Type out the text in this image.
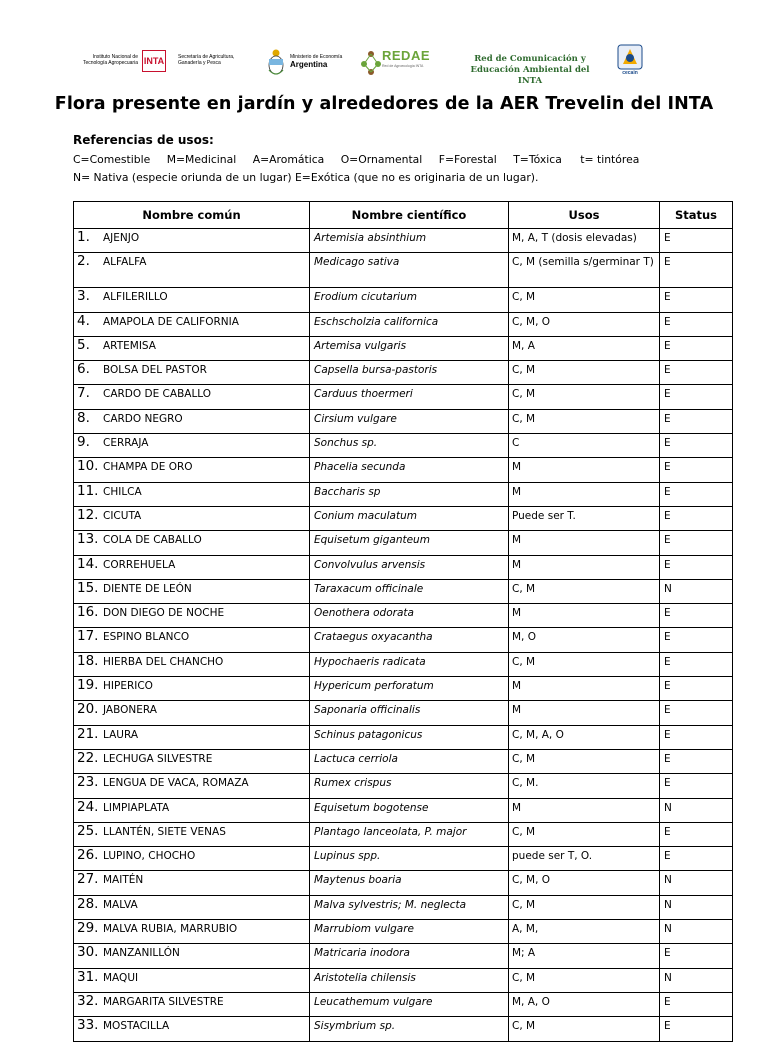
Instituto Nacional de
Tecnología Agropecuaria INTA	Secretaría de Agricultura,
Ganadería y Pesca
Ministerio de Economía
Argentina
REDAE
Red de Agroecología INTA
Red de Comunicación y
Educación Ambiental del INTA
cecain
Flora presente en jardín y alrededores de la AER Trevelin del INTA
Referencias de usos:
C=Comestible M=Medicinal A=Aromática O=Ornamental F=Forestal T=Tóxica t= tintórea
N= Nativa (especie oriunda de un lugar) E=Exótica (que no es originaria de un lugar).
Nombre común	Nombre científico	Usos	Status
1. AJENJO	Artemisia absinthium	M, A, T (dosis elevadas)	E
2. ALFALFA	Medicago sativa	C, M (semilla s/germinar T)	E
3. ALFILERILLO	Erodium cicutarium	C, M	E
4. AMAPOLA DE CALIFORNIA	Eschscholzia californica	C, M, O	E
5. ARTEMISA	Artemisa vulgaris	M, A	E
6. BOLSA DEL PASTOR	Capsella bursa-pastoris	C, M	E
7. CARDO DE CABALLO	Carduus thoermeri	C, M	E
8. CARDO NEGRO	Cirsium vulgare	C, M	E
9. CERRAJA	Sonchus sp.	C	E
10. CHAMPA DE ORO	Phacelia secunda	M	E
11. CHILCA	Baccharis sp	M	E
12. CICUTA	Conium maculatum	Puede ser T.	E
13. COLA DE CABALLO	Equisetum giganteum	M	E
14. CORREHUELA	Convolvulus arvensis	M	E
15. DIENTE DE LEÓN	Taraxacum officinale	C, M	N
16. DON DIEGO DE NOCHE	Oenothera odorata	M	E
17. ESPINO BLANCO	Crataegus oxyacantha	M, O	E
18. HIERBA DEL CHANCHO	Hypochaeris radicata	C, M	E
19. HIPERICO	Hypericum perforatum	M	E
20. JABONERA	Saponaria officinalis	M	E
21. LAURA	Schinus patagonicus	C, M, A, O	E
22. LECHUGA SILVESTRE	Lactuca cerriola	C, M	E
23. LENGUA DE VACA, ROMAZA	Rumex crispus	C, M.	E
24. LIMPIAPLATA	Equisetum bogotense	M	N
25. LLANTÉN, SIETE VENAS	Plantago lanceolata, P. major	C, M	E
26. LUPINO, CHOCHO	Lupinus spp.	puede ser T, O.	E
27. MAITÉN	Maytenus boaria	C, M, O	N
28. MALVA	Malva sylvestris; M. neglecta	C, M	N
29. MALVA RUBIA, MARRUBIO	Marrubiom vulgare	A, M,	N
30. MANZANILLÓN	Matricaria inodora	M; A	E
31. MAQUI	Aristotelia chilensis	C, M	N
32. MARGARITA SILVESTRE	Leucathemum vulgare	M, A, O	E
33. MOSTACILLA	Sisymbrium sp.	C, M	E
